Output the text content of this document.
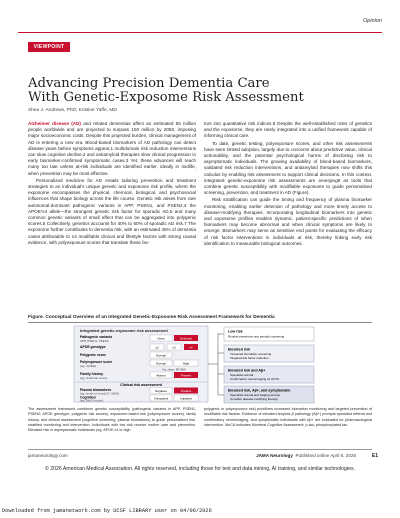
Opinion
VIEWPOINT
Advancing Precision Dementia Care
With Genetic-Exposome Risk Assessment
Shea J. Andrews, PhD; Kristine Yaffe, MD

Alzheimer disease (AD) and related dementias affect an estimated 55 million people worldwide and are projected to surpass 150 million by 2050, imposing major socioeconomic costs. Despite this projected burden, clinical management of AD is entering a new era. Blood-based biomarkers of AD pathology can detect disease years before symptoms appear,1 multidomain risk reduction interventions can slow cognitive decline,2 and antiamyloid therapies slow clinical progression in early biomarker-confirmed symptomatic cases.3 Yet, these advances will reach many too late unless at-risk individuals are identified earlier, ideally in midlife, when prevention may be most effective.

Personalized medicine for AD entails tailoring prevention and treatment strategies to an individual's unique genetic and exposome risk profile, where the exposome encompasses the physical, chemical, biological, and psychosocial influences that shape biology across the life course. Genetic risk arises from rare autosomal-dominant pathogenic variants in APP, PSEN1, and PSEN2,4 the APOE*ε4 allele—the strongest genetic risk factor for sporadic AD,5 and many common genetic variants of small effect that can be aggregated into polygenic scores.5 Collectively, genetics accounts for 40% to 60% of sporadic AD risk.7 The exposome further contributes to dementia risk, with an estimated 45% of dementia cases attributable to 14 modifiable clinical and lifestyle factors with strong causal evidence, with polyexposure scores that translate these fac-

tors into quantitative risk indices.8 Despite the well-established roles of genetics and the exposome, they are rarely integrated into a unified framework capable of informing clinical care.

To date, genetic testing, polyexposure scores, and other risk assessments have seen limited adoption, largely due to concerns about predictive value, clinical actionability, and the potential psychological harms of disclosing risk to asymptomatic individuals. The growing availability of blood-based biomarkers, validated risk reduction interventions, and antiamyloid therapies now shifts this calculus by enabling risk assessment to support clinical decisions. In this context, integrated genetic-exposome risk assessments are emerging9 as tools that combine genetic susceptibility with modifiable exposures to guide personalized screening, prevention, and treatment in AD (Figure).

Risk stratification can guide the timing and frequency of plasma biomarker monitoring, enabling earlier detection of pathology and more timely access to disease-modifying therapies. Incorporating longitudinal biomarkers into genetic and exposome profiles enables dynamic, patient-specific predictions of when biomarkers may become abnormal and when clinical symptoms are likely to emerge. Biomarkers may serve as sensitive end points for evaluating the efficacy of risk factor interventions in individuals at risk, thereby linking early risk identification to measurable biological outcomes.

Figure. Conceptual Overview of an Integrated Genetic-Exposome Risk Assessment Framework for Dementia
Integrated genetic-exposome risk assessment
Pathogenic variants
APP, PSEN1, PSEN2
None	Detected
APOE genotype	ε2	ε3	ε4
Polygenic score	Normal
Polyexposure score
(eg, CAIDE)
Normal	High
Hg, sleep, BP, BMI
Family history
(eg, Goldman score)
Absent	Present
Clinical risk assessment
Plasma biomarkers
(eg, levels of p-tau217, Aβ42)
Negative	Positive
Cognition
(eg, MoCA score)
Unimpaired	Impaired
Low risk
Routine prevention and periodic screening
Elevated risk
Increased biomarker screening
Targeted risk factor reduction
Elevated risk and Aβ+
Specialist referral
Confirmatory neuroimaging for A/T/N
Elevated risk, Aβ+, and symptomatic
Specialist referral and staging workup
Consider disease-modifying therapy
The assessment framework combines genetic susceptibility (pathogenic variants in APP, PSEN1, PSEN2; APOE genotype; polygenic risk scores), exposome-based risk (polyexposure scores), family history, and clinical assessment (cognitive screening, plasma biomarkers) to guide personalized risk-stratified monitoring and intervention. Individuals with low risk receive routine care and prevention. Elevated risk in asymptomatic individuals (eg, APOE ε4 or high
polygenic or polyexposure risk) prioritizes increased biomarker monitoring and targeted prevention of modifiable risk factors. Evidence of elevated amyloid-β pathology (Aβ+) prompts specialist referral and confirmatory neuroimaging, and symptomatic individuals with Aβ+ are evaluated for pharmacological intervention. MoCA indicates Montreal Cognitive Assessment; p-tau, phosphorylated tau.
jamaneurology.com	JAMA Neurology Published online April 6, 2026	E1
© 2026 American Medical Association. All rights reserved, including those for text and data mining, AI training, and similar technologies.
Downloaded from jamanetwork.com by UCSF LIBRARY user on 04/06/2026
